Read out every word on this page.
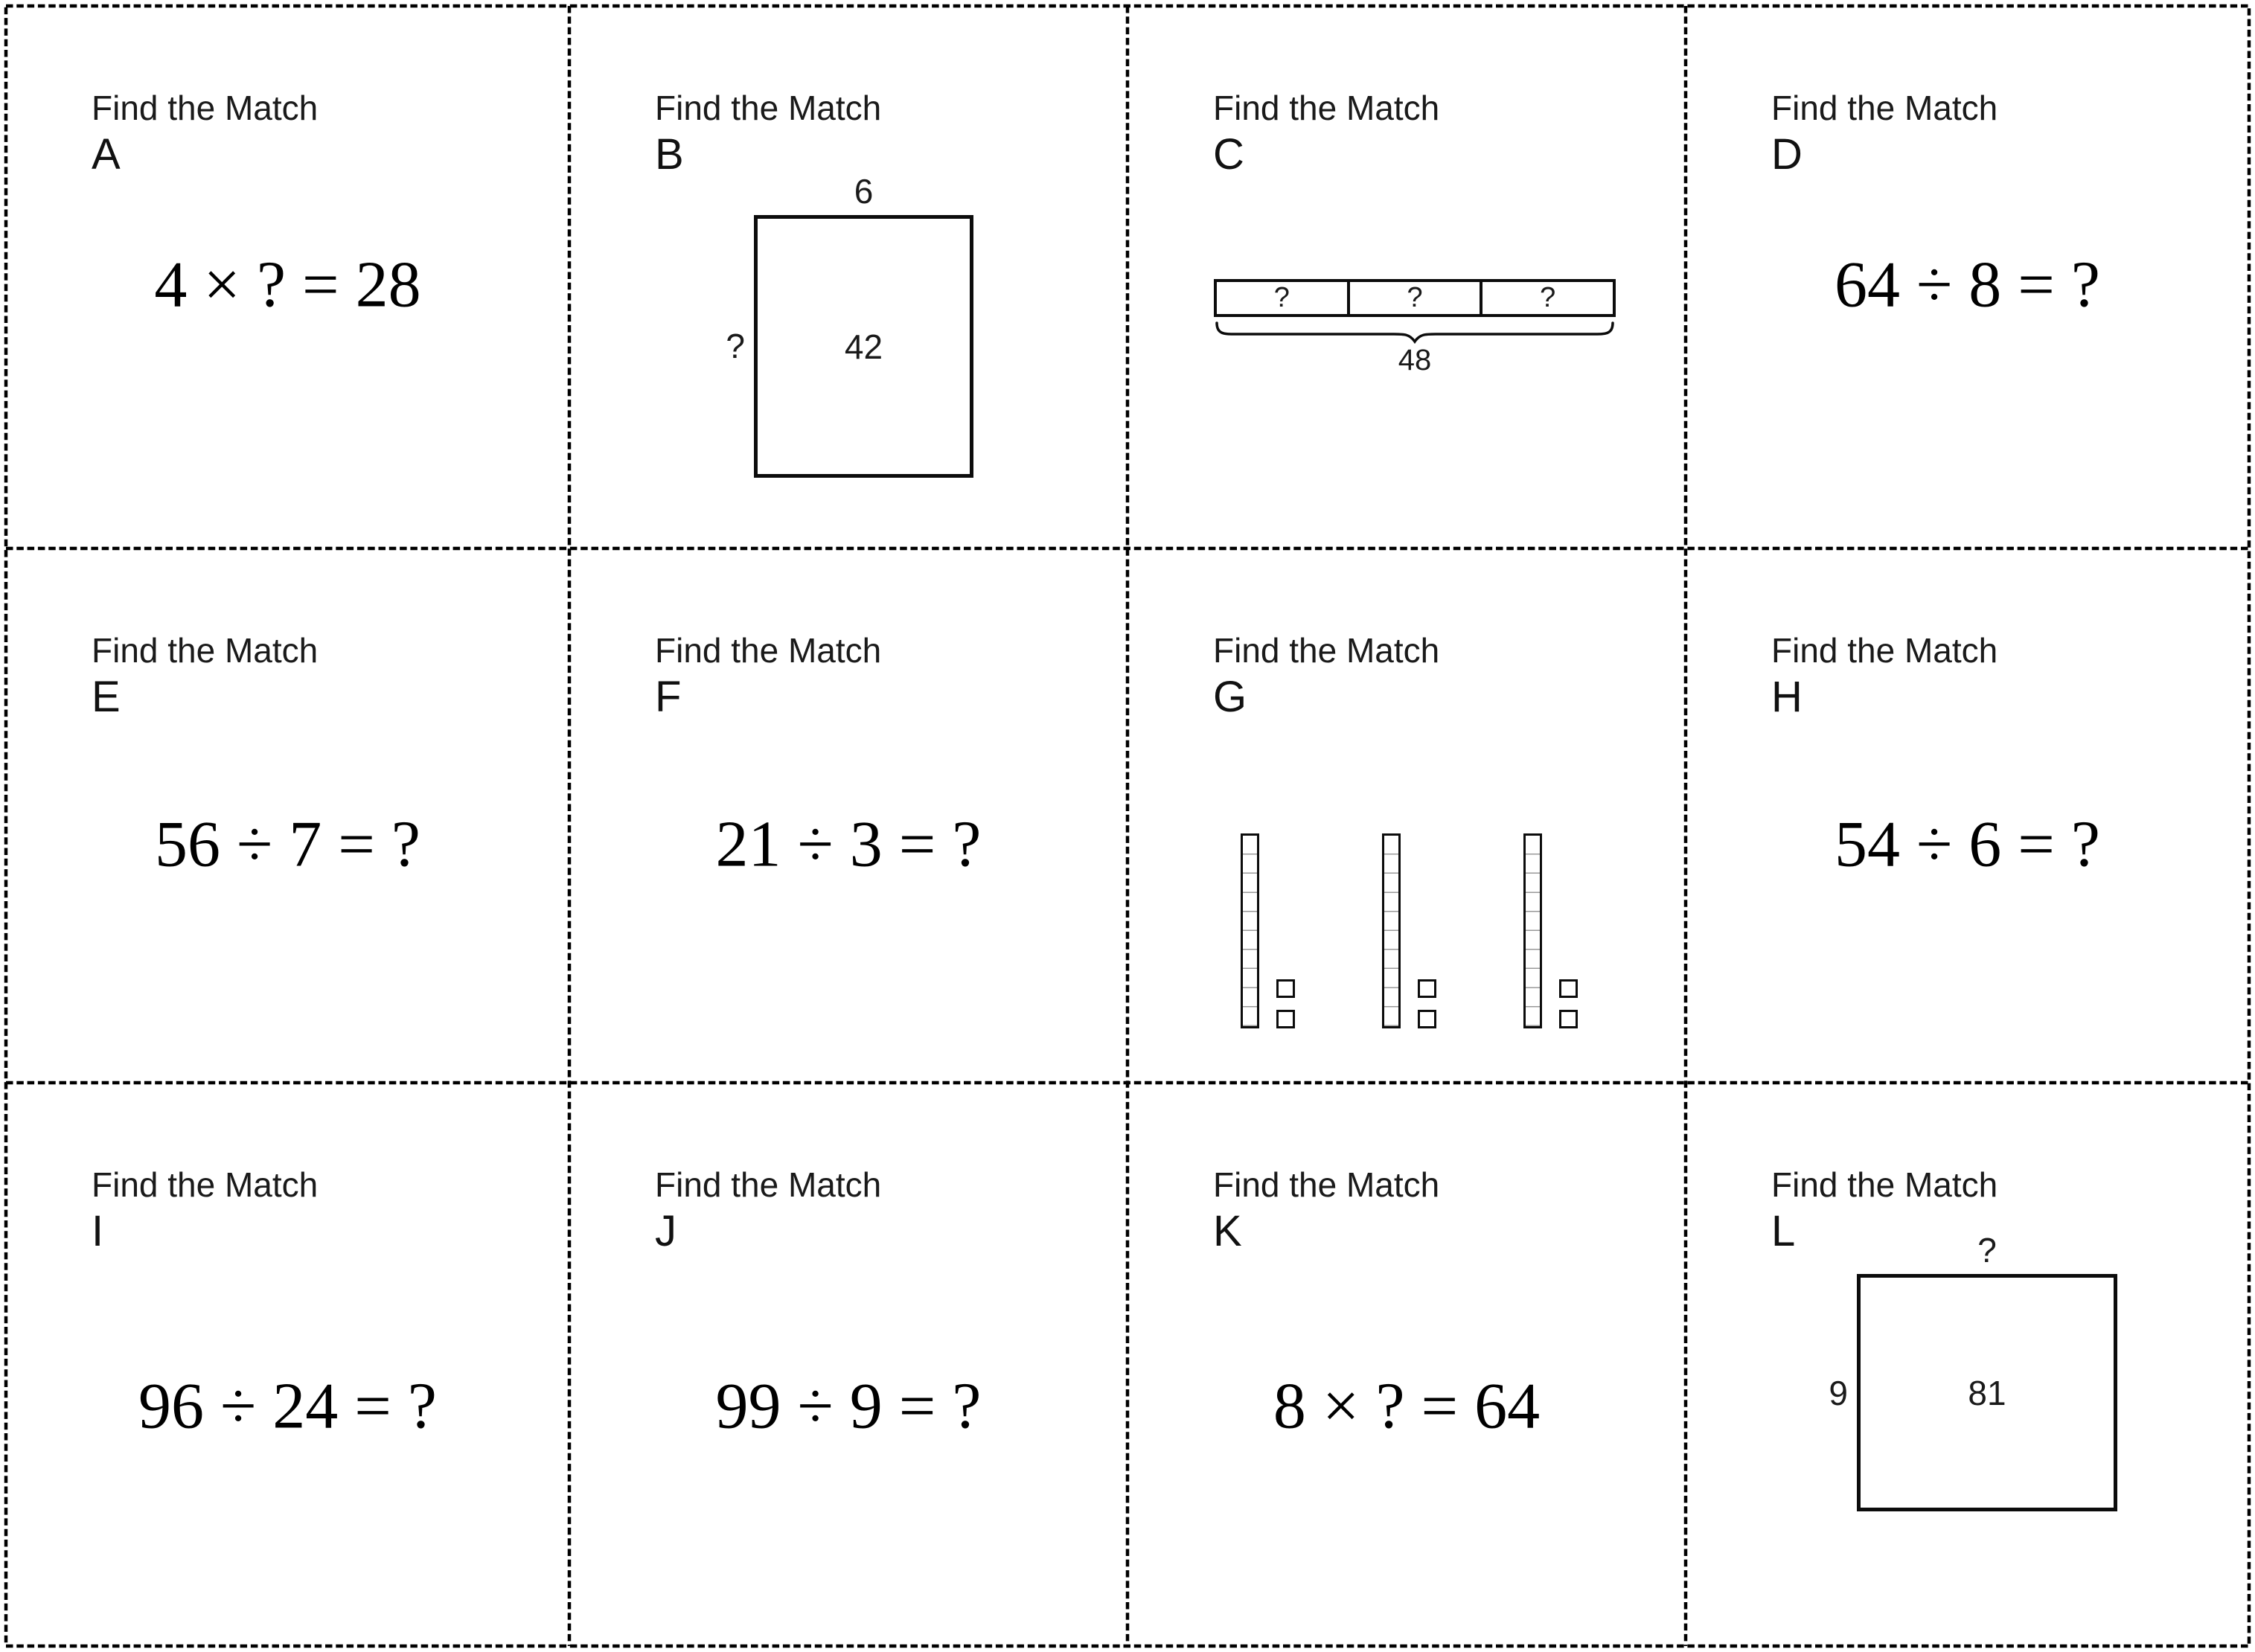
Find the Match
A
4 × ? = 28
Find the Match
B
6
?	42
Find the Match
C
?	?	?
48
Find the Match
D
64 ÷ 8 = ?
Find the Match
E
56 ÷ 7 = ?
Find the Match
F
21 ÷ 3 = ?
Find the Match
G
Find the Match
H
54 ÷ 6 = ?
Find the Match
I
96 ÷ 24 = ?
Find the Match
J
99 ÷ 9 = ?
Find the Match
K
8 × ? = 64
Find the Match
L	?
9	81
